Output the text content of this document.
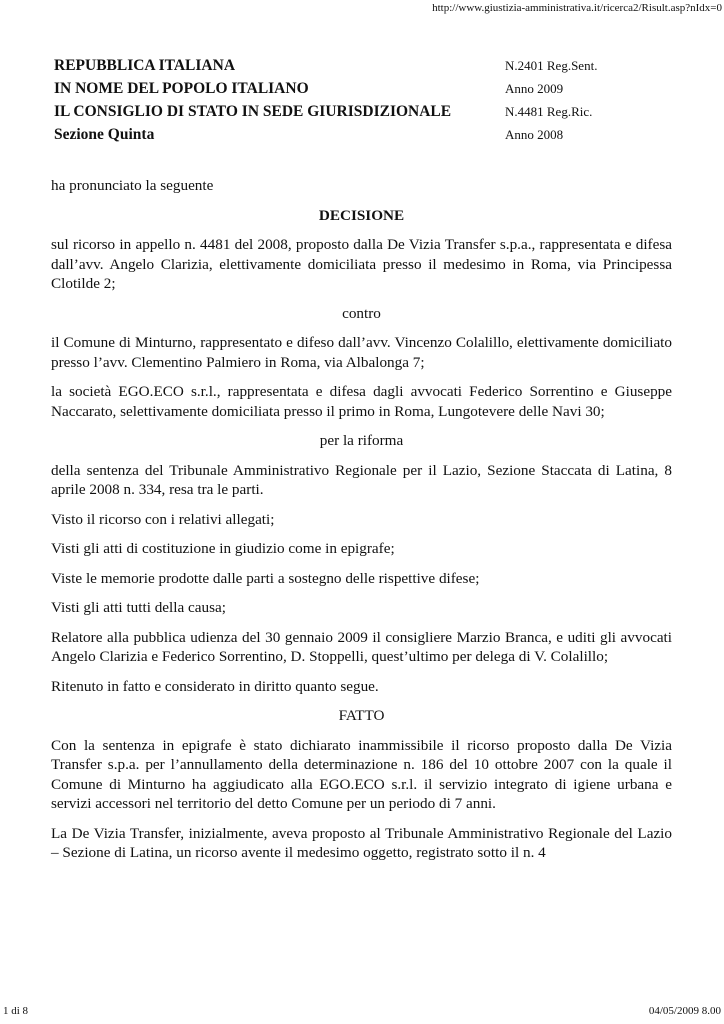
http://www.giustizia-amministrativa.it/ricerca2/Risult.asp?nIdx=0
REPUBBLICA ITALIANA
IN NOME DEL POPOLO ITALIANO
IL CONSIGLIO DI STATO IN SEDE GIURISDIZIONALE
Sezione Quinta
N.2401 Reg.Sent.
Anno 2009
N.4481 Reg.Ric.
Anno 2008

ha pronunciato la seguente

DECISIONE

sul ricorso in appello n. 4481 del 2008, proposto dalla De Vizia Transfer s.p.a., rappresentata e difesa dall’avv. Angelo Clarizia, elettivamente domiciliata presso il medesimo in Roma, via Principessa Clotilde 2;

contro

il Comune di Minturno, rappresentato e difeso dall’avv. Vincenzo Colalillo, elettivamente domiciliato presso l’avv. Clementino Palmiero in Roma, via Albalonga 7;

la società EGO.ECO s.r.l., rappresentata e difesa dagli avvocati Federico Sorrentino e Giuseppe Naccarato, selettivamente domiciliata presso il primo in Roma, Lungotevere delle Navi 30;

per la riforma

della sentenza del Tribunale Amministrativo Regionale per il Lazio, Sezione Staccata di Latina, 8 aprile 2008 n. 334, resa tra le parti.

Visto il ricorso con i relativi allegati;

Visti gli atti di costituzione in giudizio come in epigrafe;

Viste le memorie prodotte dalle parti a sostegno delle rispettive difese;

Visti gli atti tutti della causa;

Relatore alla pubblica udienza del 30 gennaio 2009 il consigliere Marzio Branca, e uditi gli avvocati Angelo Clarizia e Federico Sorrentino, D. Stoppelli, quest’ultimo per delega di V. Colalillo;

Ritenuto in fatto e considerato in diritto quanto segue.

FATTO

Con la sentenza in epigrafe è stato dichiarato inammissibile il ricorso proposto dalla De Vizia Transfer s.p.a. per l’annullamento della determinazione n. 186 del 10 ottobre 2007 con la quale il Comune di Minturno ha aggiudicato alla EGO.ECO s.r.l. il servizio integrato di igiene urbana e servizi accessori nel territorio del detto Comune per un periodo di 7 anni.

La De Vizia Transfer, inizialmente, aveva proposto al Tribunale Amministrativo Regionale del Lazio – Sezione di Latina, un ricorso avente il medesimo oggetto, registrato sotto il n. 4

1 di 8	04/05/2009 8.00
